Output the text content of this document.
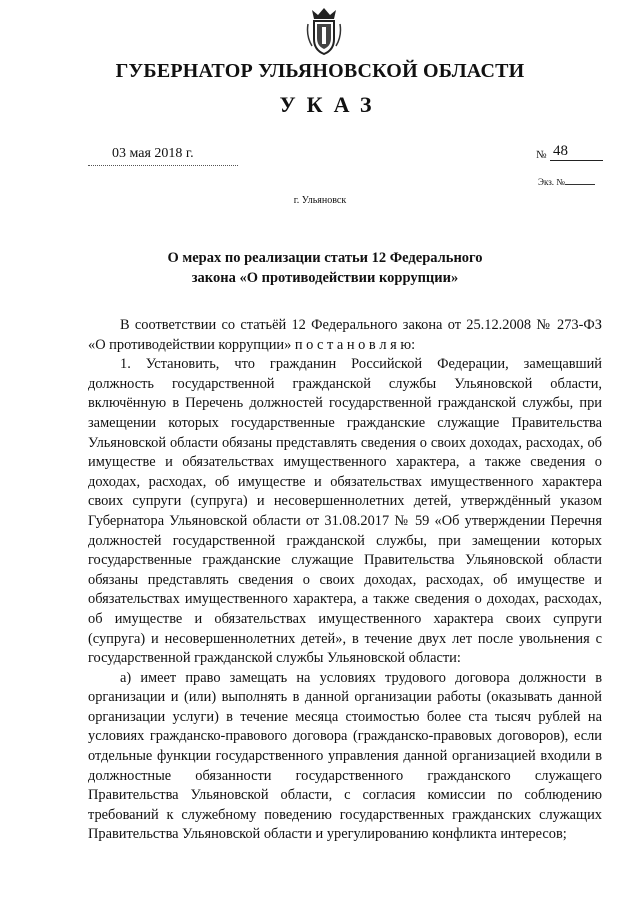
ГУБЕРНАТОР УЛЬЯНОВСКОЙ ОБЛАСТИ
УКАЗ
03 мая 2018 г.	№ 48
Экз. №
г. Ульяновск
О мерах по реализации статьи 12 Федерального
закона «О противодействии коррупции»

В соответствии со статьёй 12 Федерального закона от 25.12.2008 № 273-ФЗ «О противодействии коррупции» п о с т а н о в л я ю:

1. Установить, что гражданин Российской Федерации, замещавший должность государственной гражданской службы Ульяновской области, включённую в Перечень должностей государственной гражданской службы, при замещении которых государственные гражданские служащие Правительства Ульяновской области обязаны представлять сведения о своих доходах, расходах, об имуществе и обязательствах имущественного характера, а также сведения о доходах, расходах, об имуществе и обязательствах имущественного характера своих супруги (супруга) и несовершеннолетних детей, утверждённый указом Губернатора Ульяновской области от 31.08.2017 № 59 «Об утверждении Перечня должностей государственной гражданской службы, при замещении которых государственные гражданские служащие Правительства Ульяновской области обязаны представлять сведения о своих доходах, расходах, об имуществе и обязательствах имущественного характера, а также сведения о доходах, расходах, об имуществе и обязательствах имущественного характера своих супруги (супруга) и несовершеннолетних детей», в течение двух лет после увольнения с государственной гражданской службы Ульяновской области:

а) имеет право замещать на условиях трудового договора должности в организации и (или) выполнять в данной организации работы (оказывать данной организации услуги) в течение месяца стоимостью более ста тысяч рублей на условиях гражданско-правового договора (гражданско-правовых договоров), если отдельные функции государственного управления данной организацией входили в должностные обязанности государственного гражданского служащего Правительства Ульяновской области, с согласия комиссии по соблюдению требований к служебному поведению государственных гражданских служащих Правительства Ульяновской области и урегулированию конфликта интересов;
